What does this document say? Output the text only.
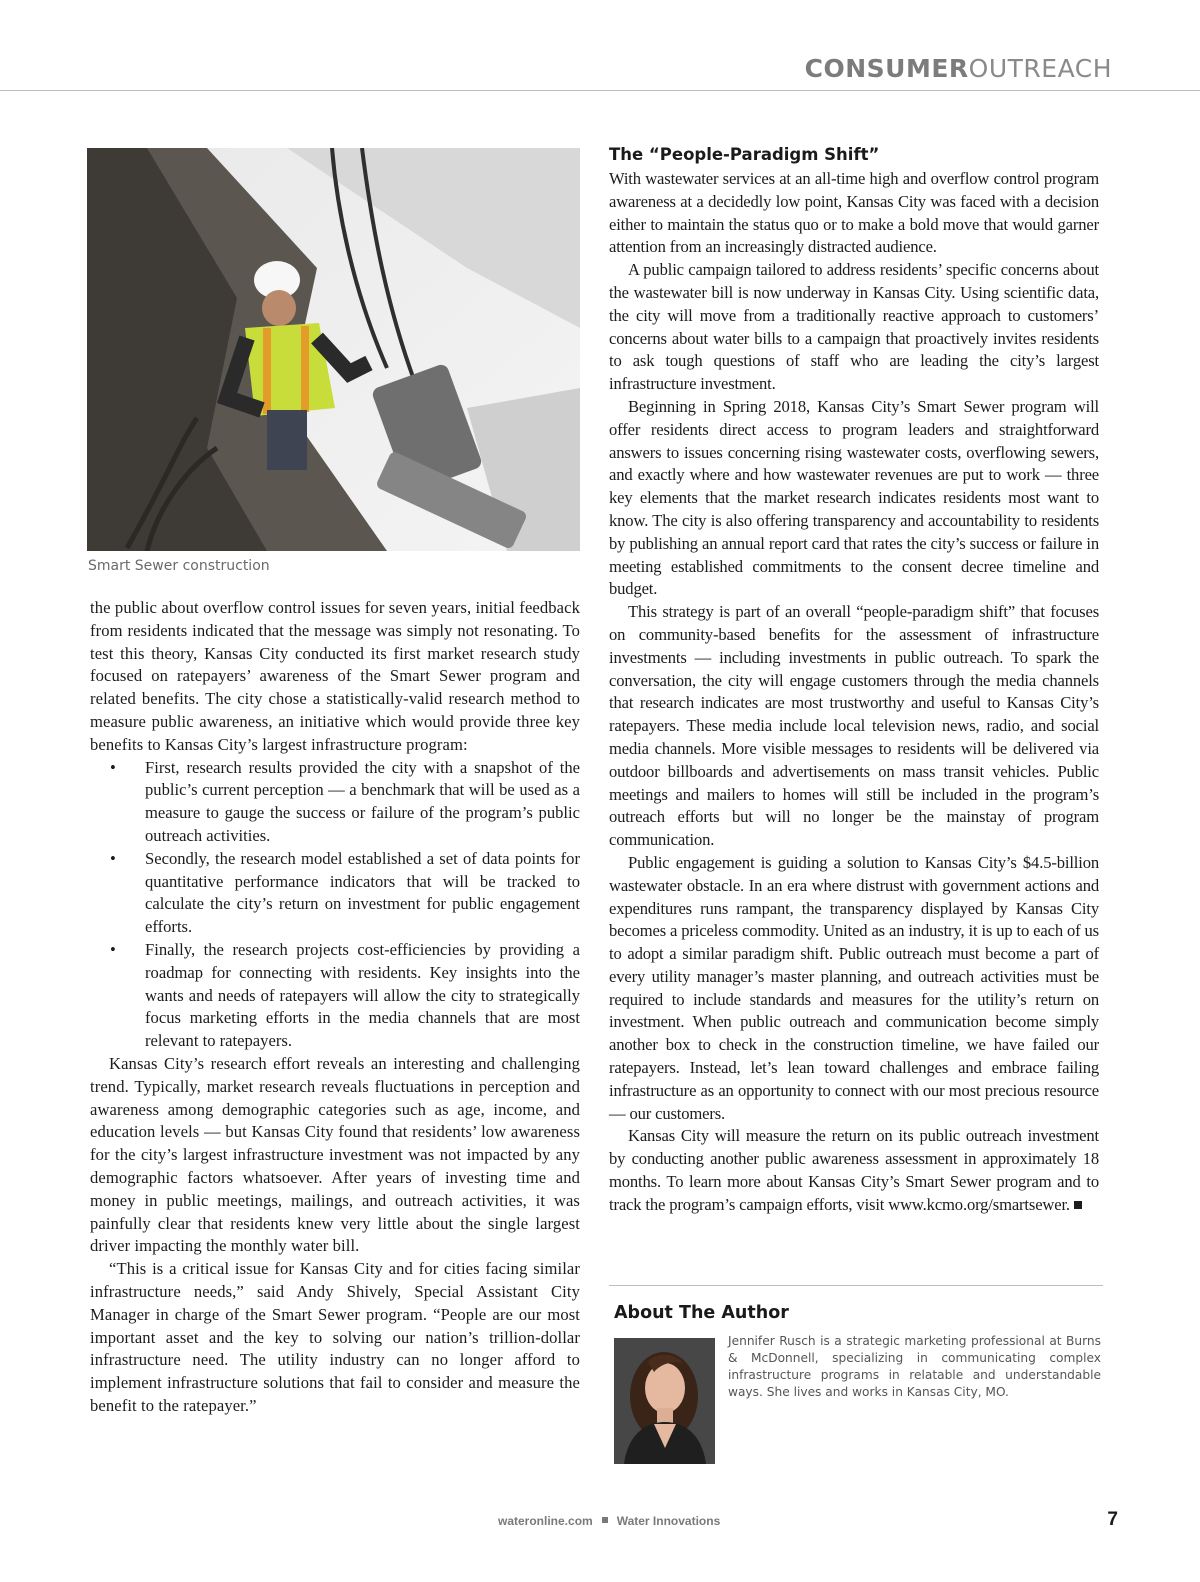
CONSUMEROUTREACH
Smart Sewer construction

the public about overflow control issues for seven years, initial feedback from residents indicated that the message was simply not resonating. To test this theory, Kansas City conducted its first market research study focused on ratepayers’ awareness of the Smart Sewer program and related benefits. The city chose a statistically-valid research method to measure public awareness, an initiative which would provide three key benefits to Kansas City’s largest infrastructure program:

• First, research results provided the city with a snapshot of the public’s current perception — a benchmark that will be used as a measure to gauge the success or failure of the program’s public outreach activities.
• Secondly, the research model established a set of data points for quantitative performance indicators that will be tracked to calculate the city’s return on investment for public engagement efforts.
• Finally, the research projects cost-efficiencies by providing a roadmap for connecting with residents. Key insights into the wants and needs of ratepayers will allow the city to strategically focus marketing efforts in the media channels that are most relevant to ratepayers.

Kansas City’s research effort reveals an interesting and challenging trend. Typically, market research reveals fluctuations in perception and awareness among demographic categories such as age, income, and education levels — but Kansas City found that residents’ low awareness for the city’s largest infrastructure investment was not impacted by any demographic factors whatsoever. After years of investing time and money in public meetings, mailings, and outreach activities, it was painfully clear that residents knew very little about the single largest driver impacting the monthly water bill.

“This is a critical issue for Kansas City and for cities facing similar infrastructure needs,” said Andy Shively, Special Assistant City Manager in charge of the Smart Sewer program. “People are our most important asset and the key to solving our nation’s trillion-dollar infrastructure need. The utility industry can no longer afford to implement infrastructure solutions that fail to consider and measure the benefit to the ratepayer.”

The “People-Paradigm Shift”

With wastewater services at an all-time high and overflow control program awareness at a decidedly low point, Kansas City was faced with a decision either to maintain the status quo or to make a bold move that would garner attention from an increasingly distracted audience.

A public campaign tailored to address residents’ specific concerns about the wastewater bill is now underway in Kansas City. Using scientific data, the city will move from a traditionally reactive approach to customers’ concerns about water bills to a campaign that proactively invites residents to ask tough questions of staff who are leading the city’s largest infrastructure investment.

Beginning in Spring 2018, Kansas City’s Smart Sewer program will offer residents direct access to program leaders and straightforward answers to issues concerning rising wastewater costs, overflowing sewers, and exactly where and how wastewater revenues are put to work — three key elements that the market research indicates residents most want to know. The city is also offering transparency and accountability to residents by publishing an annual report card that rates the city’s success or failure in meeting established commitments to the consent decree timeline and budget.

This strategy is part of an overall “people-paradigm shift” that focuses on community-based benefits for the assessment of infrastructure investments — including investments in public outreach. To spark the conversation, the city will engage customers through the media channels that research indicates are most trustworthy and useful to Kansas City’s ratepayers. These media include local television news, radio, and social media channels. More visible messages to residents will be delivered via outdoor billboards and advertisements on mass transit vehicles. Public meetings and mailers to homes will still be included in the program’s outreach efforts but will no longer be the mainstay of program communication.

Public engagement is guiding a solution to Kansas City’s $4.5-billion wastewater obstacle. In an era where distrust with government actions and expenditures runs rampant, the transparency displayed by Kansas City becomes a priceless commodity. United as an industry, it is up to each of us to adopt a similar paradigm shift. Public outreach must become a part of every utility manager’s master planning, and outreach activities must be required to include standards and measures for the utility’s return on investment. When public outreach and communication become simply another box to check in the construction timeline, we have failed our ratepayers. Instead, let’s lean toward challenges and embrace failing infrastructure as an opportunity to connect with our most precious resource — our customers.

Kansas City will measure the return on its public outreach investment by conducting another public awareness assessment in approximately 18 months. To learn more about Kansas City’s Smart Sewer program and to track the program’s campaign efforts, visit www.kcmo.org/smartsewer.

About The Author
Jennifer Rusch is a strategic marketing professional at Burns & McDonnell, specializing in communicating complex infrastructure programs in relatable and understandable ways. She lives and works in Kansas City, MO.
wateronline.com Water Innovations	7
